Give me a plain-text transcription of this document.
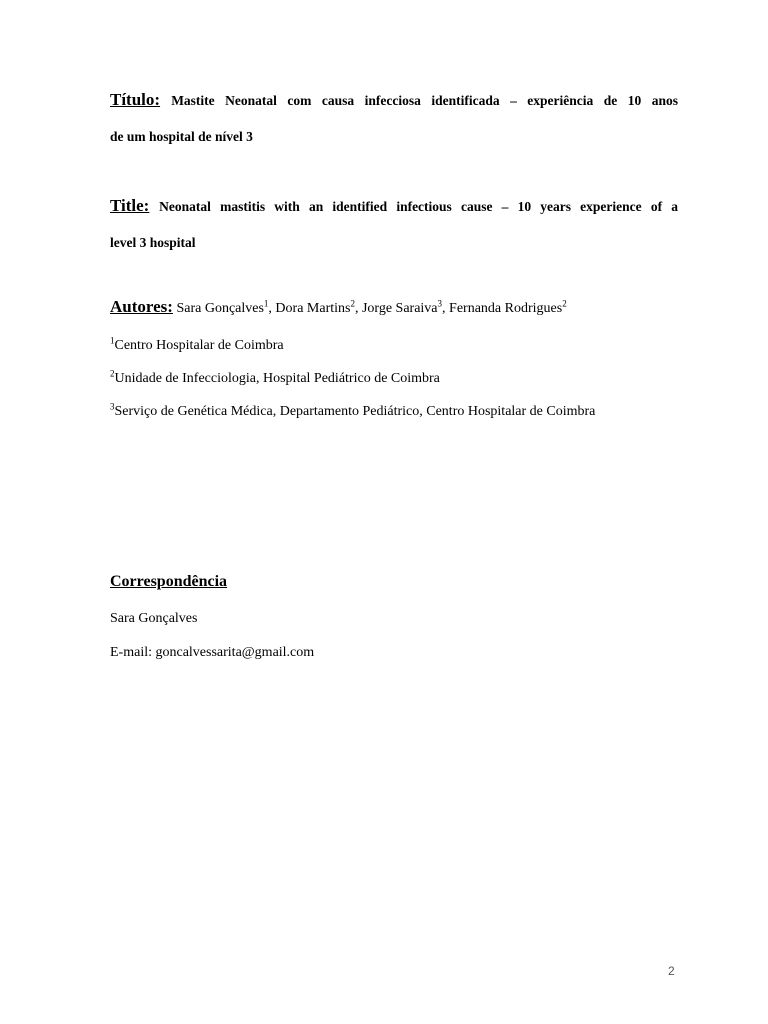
Título: Mastite Neonatal com causa infecciosa identificada – experiência de 10 anos
de um hospital de nível 3
Title: Neonatal mastitis with an identified infectious cause – 10 years experience of a
level 3 hospital
Autores: Sara Gonçalves$^1$, Dora Martins$^2$, Jorge Saraiva$^3$, Fernanda Rodrigues$^2$
$^1$Centro Hospitalar de Coimbra
$^2$Unidade de Infecciologia, Hospital Pediátrico de Coimbra
$^3$Serviço de Genética Médica, Departamento Pediátrico, Centro Hospitalar de Coimbra
Correspondência
Sara Gonçalves
E-mail: goncalvessarita@gmail.com
2
